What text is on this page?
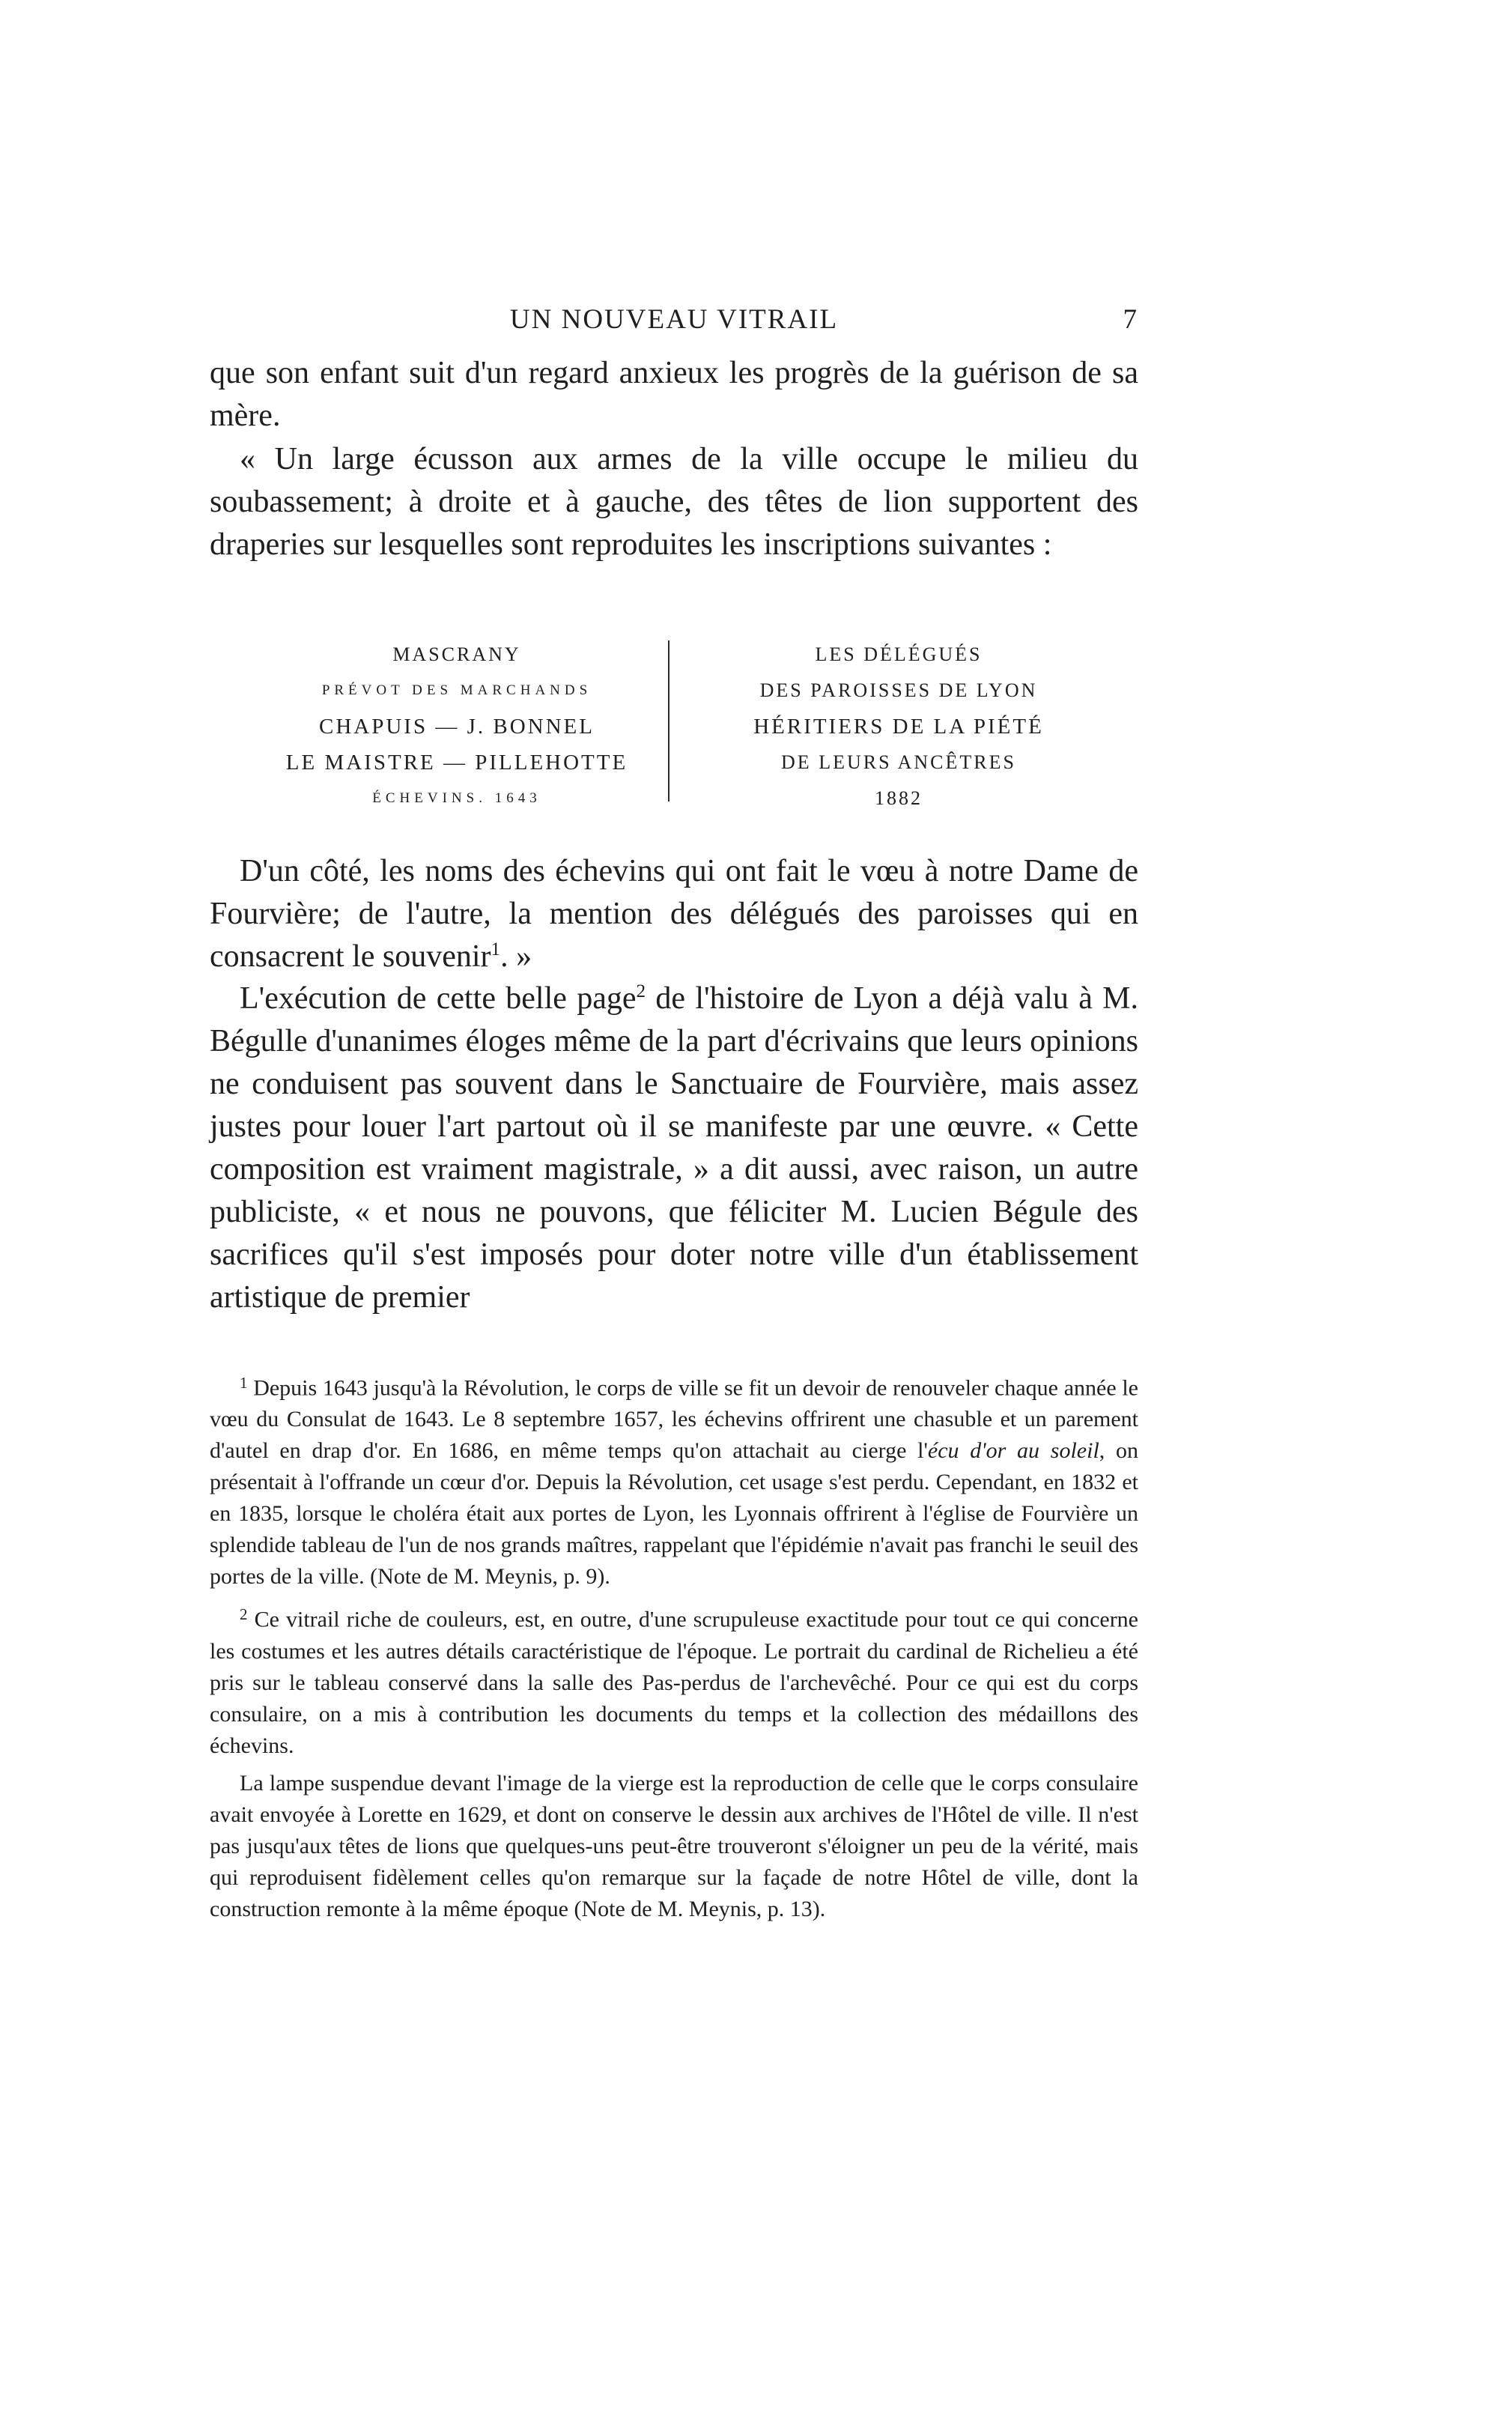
UN NOUVEAU VITRAIL	7

que son enfant suit d'un regard anxieux les progrès de la guérison de sa mère.

« Un large écusson aux armes de la ville occupe le milieu du soubassement; à droite et à gauche, des têtes de lion supportent des draperies sur lesquelles sont reproduites les inscriptions suivantes :

MASCRANY
PRÉVOT DES MARCHANDS
CHAPUIS — J. BONNEL
LE MAISTRE — PILLEHOTTE
ÉCHEVINS. 1643
LES DÉLÉGUÉS
DES PAROISSES DE LYON
HÉRITIERS DE LA PIÉTÉ
DE LEURS ANCÊTRES
1882

D'un côté, les noms des échevins qui ont fait le vœu à notre Dame de Fourvière; de l'autre, la mention des délégués des paroisses qui en consacrent le souvenir$^1$. »

L'exécution de cette belle page$^2$ de l'histoire de Lyon a déjà valu à M. Bégulle d'unanimes éloges même de la part d'écrivains que leurs opinions ne conduisent pas souvent dans le Sanctuaire de Fourvière, mais assez justes pour louer l'art partout où il se manifeste par une œuvre. « Cette composition est vraiment magistrale, » a dit aussi, avec raison, un autre publiciste, « et nous ne pouvons, que féliciter M. Lucien Bégule des sacrifices qu'il s'est imposés pour doter notre ville d'un établissement artistique de premier

$^1$ Depuis 1643 jusqu'à la Révolution, le corps de ville se fit un devoir de renouveler chaque année le vœu du Consulat de 1643. Le 8 septembre 1657, les échevins offrirent une chasuble et un parement d'autel en drap d'or. En 1686, en même temps qu'on attachait au cierge l'écu d'or au soleil, on présentait à l'offrande un cœur d'or. Depuis la Révolution, cet usage s'est perdu. Cependant, en 1832 et en 1835, lorsque le choléra était aux portes de Lyon, les Lyonnais offrirent à l'église de Fourvière un splendide tableau de l'un de nos grands maîtres, rappelant que l'épidémie n'avait pas franchi le seuil des portes de la ville. (Note de M. Meynis, p. 9).

$^2$ Ce vitrail riche de couleurs, est, en outre, d'une scrupuleuse exactitude pour tout ce qui concerne les costumes et les autres détails caractéristique de l'époque. Le portrait du cardinal de Richelieu a été pris sur le tableau conservé dans la salle des Pas-perdus de l'archevêché. Pour ce qui est du corps consulaire, on a mis à contribution les documents du temps et la collection des médaillons des échevins.

La lampe suspendue devant l'image de la vierge est la reproduction de celle que le corps consulaire avait envoyée à Lorette en 1629, et dont on conserve le dessin aux archives de l'Hôtel de ville. Il n'est pas jusqu'aux têtes de lions que quelques-uns peut-être trouveront s'éloigner un peu de la vérité, mais qui reproduisent fidèlement celles qu'on remarque sur la façade de notre Hôtel de ville, dont la construction remonte à la même époque (Note de M. Meynis, p. 13).
